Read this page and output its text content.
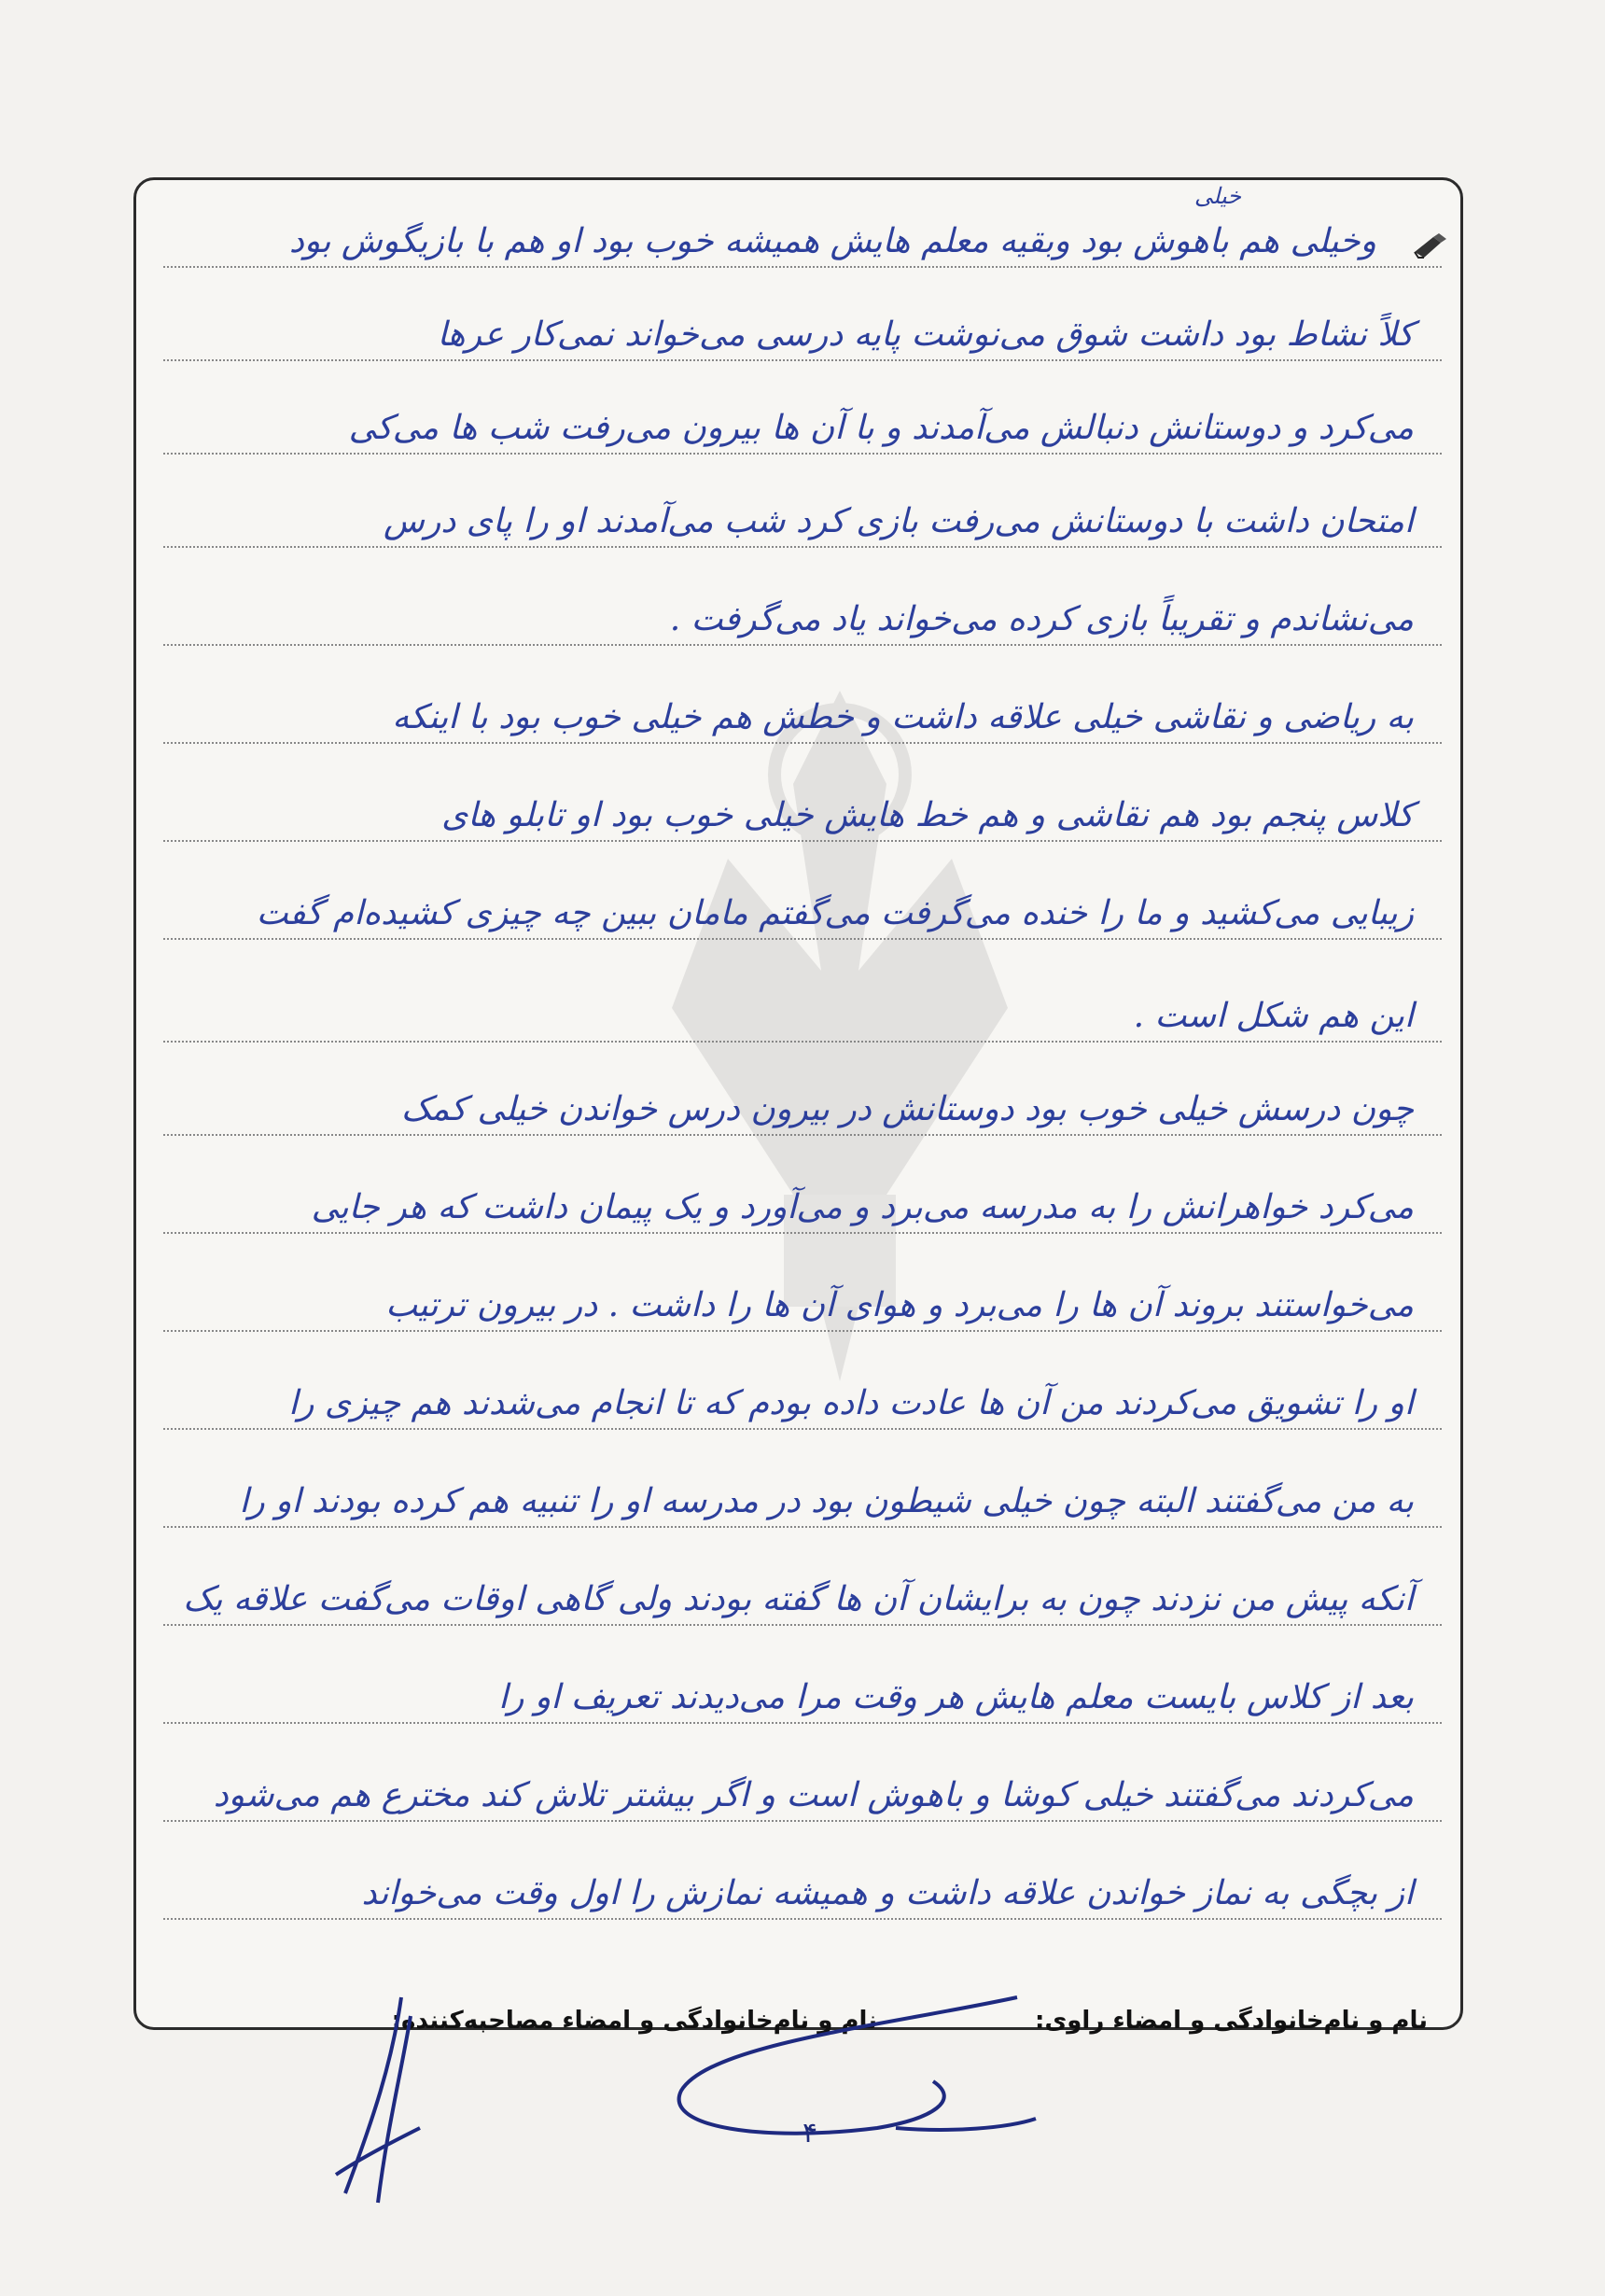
خیلی
وخیلی هم باهوش بود وبقیه معلم هایش همیشه خوب بود او هم با بازیگوش بود
کلاً نشاط بود داشت شوق می‌نوشت پایه درسی می‌خواند نمی‌کار عرها
می‌کرد و دوستانش دنبالش می‌آمدند و با آن ها بیرون می‌رفت شب ها می‌کی
امتحان داشت با دوستانش می‌رفت بازی کرد شب می‌آمدند او را پای درس
می‌نشاندم و تقریباً بازی کرده می‌خواند یاد می‌گرفت .
به ریاضی و نقاشی خیلی علاقه داشت و خطش هم خیلی خوب بود با اینکه
کلاس پنجم بود هم نقاشی و هم خط هایش خیلی خوب بود او تابلو های
زیبایی می‌کشید و ما را خنده می‌گرفت می‌گفتم مامان ببین چه چیزی کشیده‌ام گفت
این هم شکل است .
چون درسش خیلی خوب بود دوستانش در بیرون درس خواندن خیلی کمک
می‌کرد خواهرانش را به مدرسه می‌برد و می‌آورد و یک پیمان داشت که هر جایی
می‌خواستند بروند آن ها را می‌برد و هوای آن ها را داشت . در بیرون ترتیب
او را تشویق می‌کردند من آن ها عادت داده بودم که تا انجام می‌شدند هم چیزی را
به من می‌گفتند البته چون خیلی شیطون بود در مدرسه او را تنبیه هم کرده بودند او را
آنکه پیش من نزدند چون به برایشان آن ها گفته بودند ولی گاهی اوقات می‌گفت علاقه یک
بعد از کلاس بایست معلم هایش هر وقت مرا می‌دیدند تعریف او را
می‌کردند می‌گفتند خیلی کوشا و باهوش است و اگر بیشتر تلاش کند مخترع هم می‌شود
از بچگی به نماز خواندن علاقه داشت و همیشه نمازش را اول وقت می‌خواند
نام و نام‌خانوادگی و امضاء راوی:
نام و نام‌خانوادگی و امضاء مصاحبه‌کننده:
۴
